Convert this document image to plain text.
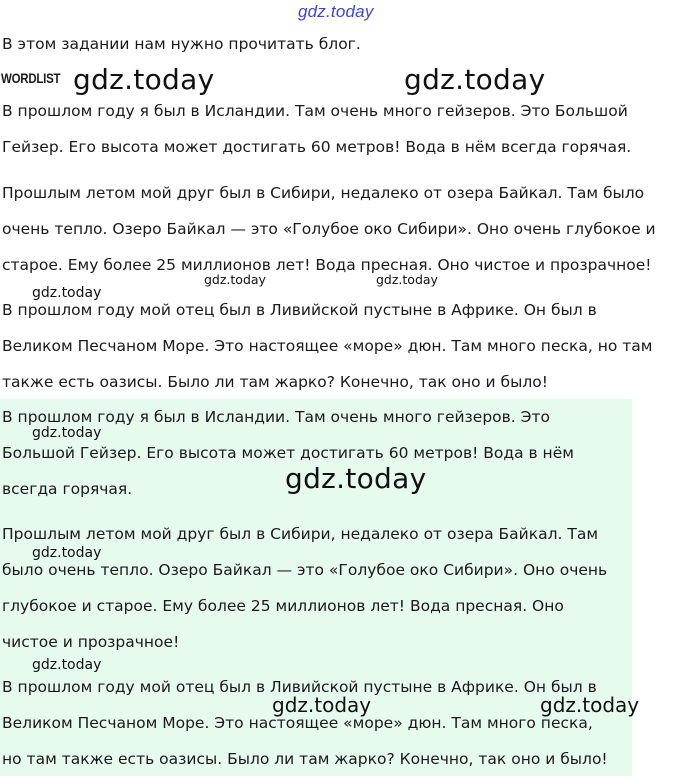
gdz.today
В этом задании нам нужно прочитать блог.
WORDLIST
В прошлом году я был в Исландии. Там очень много гейзеров. Это Большой
Гейзер. Его высота может достигать 60 метров! Вода в нём всегда горячая.
Прошлым летом мой друг был в Сибири, недалеко от озера Байкал. Там было
очень тепло. Озеро Байкал — это «Голубое око Сибири». Оно очень глубокое и
старое. Ему более 25 миллионов лет! Вода пресная. Оно чистое и прозрачное!
В прошлом году мой отец был в Ливийской пустыне в Африке. Он был в
Великом Песчаном Море. Это настоящее «море» дюн. Там много песка, но там
также есть оазисы. Было ли там жарко? Конечно, так оно и было!
В прошлом году я был в Исландии. Там очень много гейзеров. Это
Большой Гейзер. Его высота может достигать 60 метров! Вода в нём
всегда горячая.
Прошлым летом мой друг был в Сибири, недалеко от озера Байкал. Там
было очень тепло. Озеро Байкал — это «Голубое око Сибири». Оно очень
глубокое и старое. Ему более 25 миллионов лет! Вода пресная. Оно
чистое и прозрачное!
В прошлом году мой отец был в Ливийской пустыне в Африке. Он был в
Великом Песчаном Море. Это настоящее «море» дюн. Там много песка,
но там также есть оазисы. Было ли там жарко? Конечно, так оно и было!
gdz.today	gdz.today
gdz.today
gdz.today	gdz.today
gdz.today
gdz.today
gdz.today
gdz.today
gdz.today	gdz.today
